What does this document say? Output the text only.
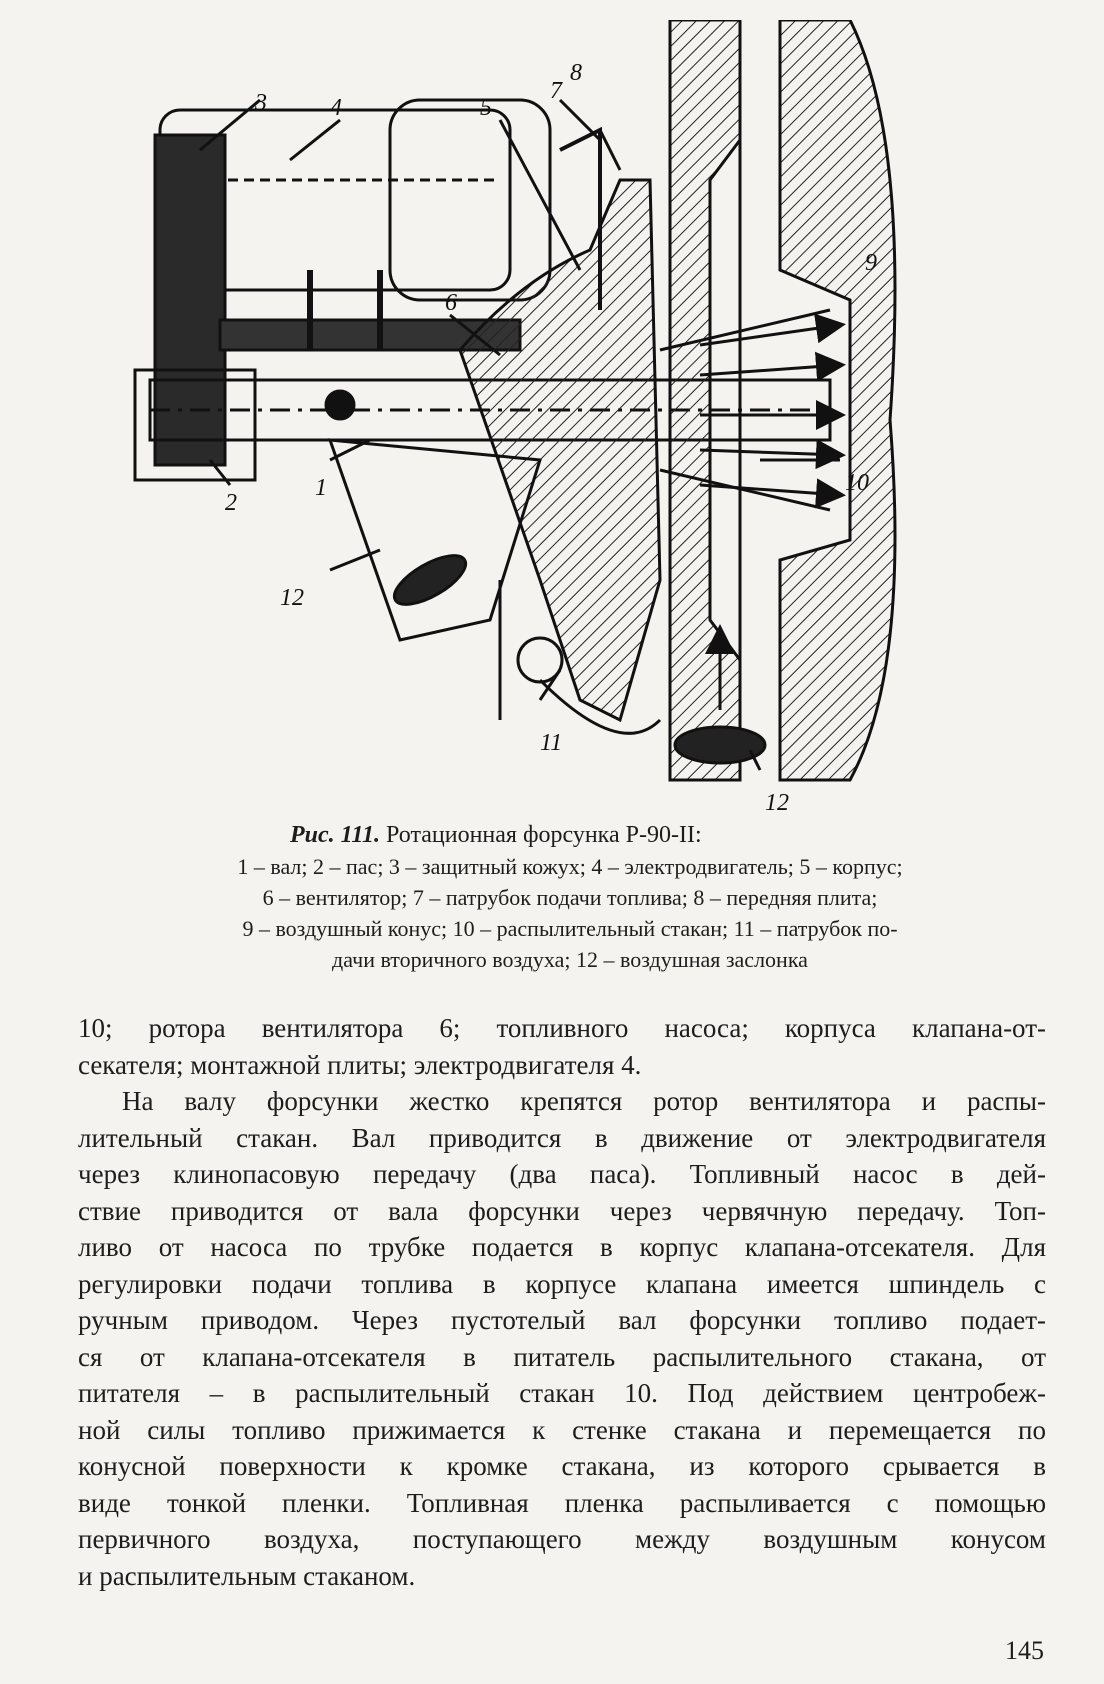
3	4	5
7
8
6
1
2
12
9
10
11
12
Рис. 111. Ротационная форсунка Р-90-II:
1 – вал; 2 – пас; 3 – защитный кожух; 4 – электродвигатель; 5 – корпус;
6 – вентилятор; 7 – патрубок подачи топлива; 8 – передняя плита;
9 – воздушный конус; 10 – распылительный стакан; 11 – патрубок по-
дачи вторичного воздуха; 12 – воздушная заслонка

10; ротора вентилятора 6; топливного насоса; корпуса клапана-от-
секателя; монтажной плиты; электродвигателя 4.

На валу форсунки жестко крепятся ротор вентилятора и распы-
лительный стакан. Вал приводится в движение от электродвигателя
через клинопасовую передачу (два паса). Топливный насос в дей-
ствие приводится от вала форсунки через червячную передачу. Топ-
ливо от насоса по трубке подается в корпус клапана-отсекателя. Для
регулировки подачи топлива в корпусе клапана имеется шпиндель с
ручным приводом. Через пустотелый вал форсунки топливо подает-
ся от клапана-отсекателя в питатель распылительного стакана, от
питателя – в распылительный стакан 10. Под действием центробеж-
ной силы топливо прижимается к стенке стакана и перемещается по
конусной поверхности к кромке стакана, из которого срывается в
виде тонкой пленки. Топливная пленка распыливается с помощью
первичного воздуха, поступающего между воздушным конусом
и распылительным стаканом.

145
